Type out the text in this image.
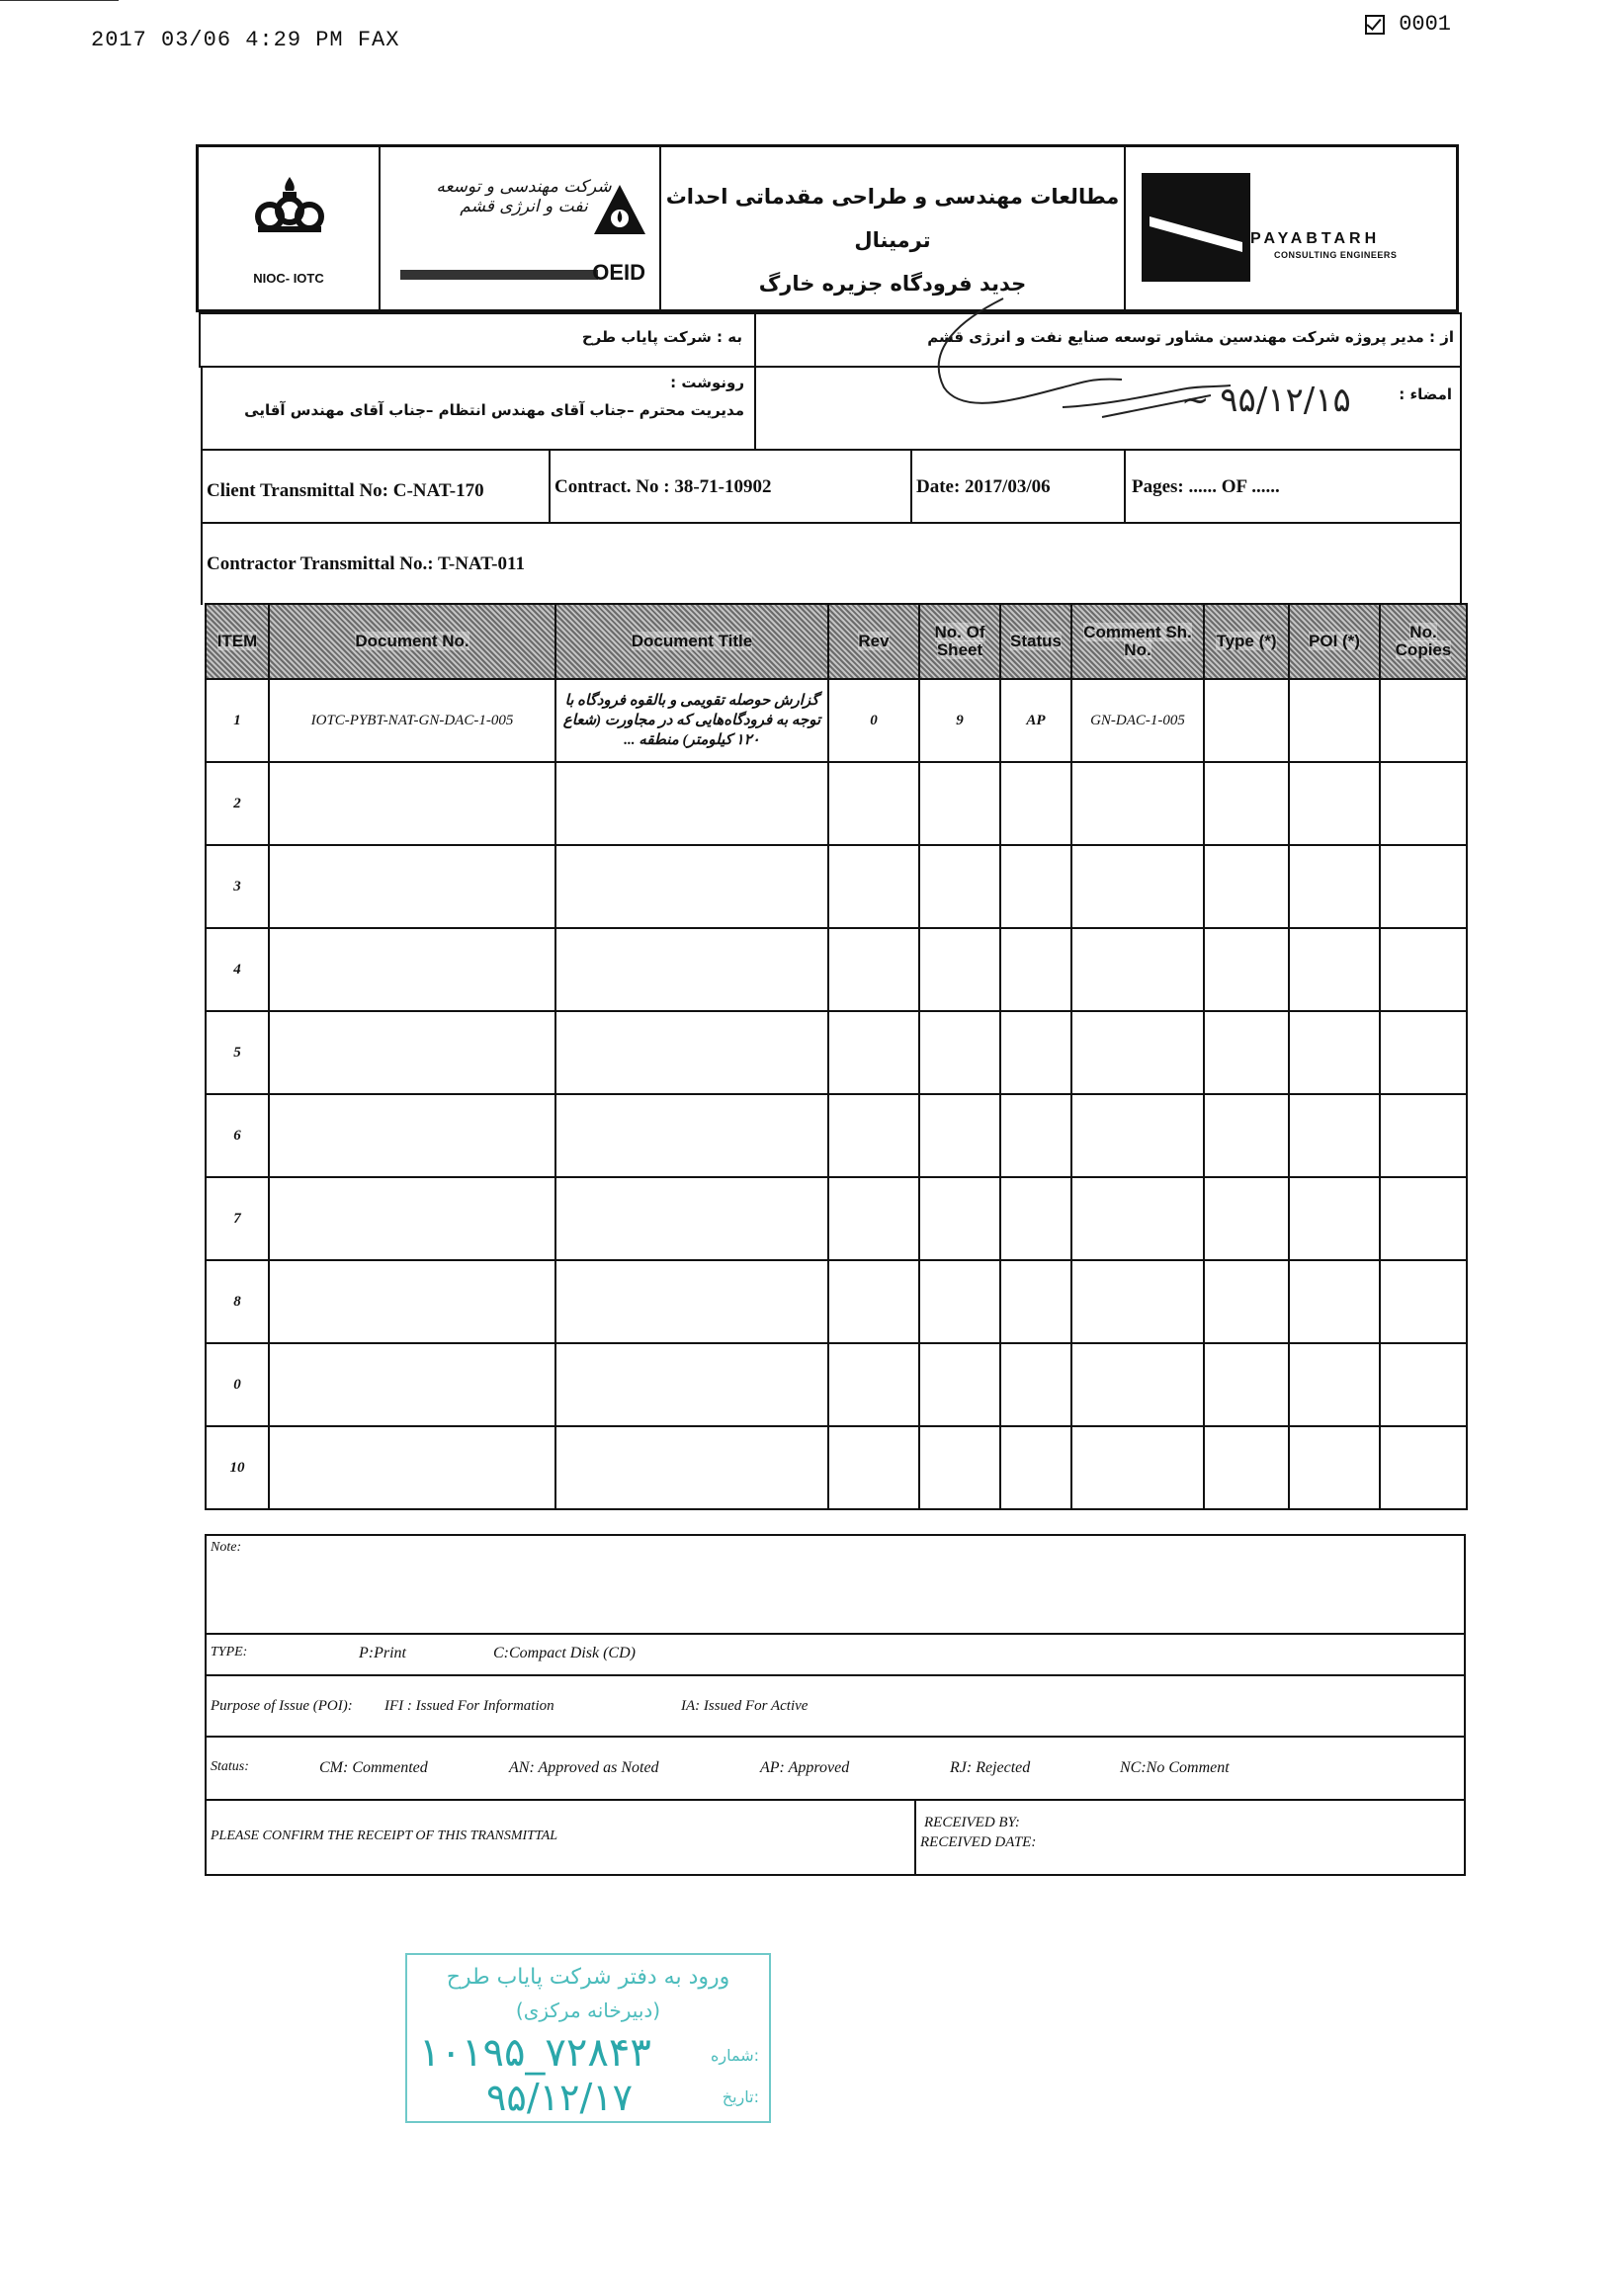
2017 03/06 4:29 PM FAX
0001
NIOC- IOTC
شرکت مهندسی و توسعه نفت و انرژی قشم
OEID
مطالعات مهندسی و طراحی مقدماتی احداث ترمینال
جدید فرودگاه جزیره خارگ
PAYABTARH
CONSULTING ENGINEERS
به : شرکت پایاب طرح	از : مدیر پروژه شرکت مهندسین مشاور توسعه صنایع نفت و انرژی قشم
رونوشت :
مدیریت محترم –جناب آقای مهندس انتظام –جناب آقای مهندس آقایی
امضاء :
~ ۹۵/۱۲/۱۵
Client Transmittal No: C-NAT-170	Contract. No : 38-71-10902	Date: 2017/03/06	Pages: ...... OF ......
Contractor Transmittal No.: T-NAT-011
ITEM	Document No.	Document Title	Rev	No. Of Sheet	Status	Comment Sh. No.	Type (*)	POI (*)	No. Copies
1	IOTC-PYBT-NAT-GN-DAC-1-005	گزارش حوصله تقویمی و بالقوه فرودگاه با توجه به فرودگاه‌هایی که در مجاورت (شعاع ۱۲۰ کیلومتر) منطقه ...	0	9	AP	GN-DAC-1-005			
2									
3									
4									
5									
6									
7									
8									
0									
10									
Note:
TYPE:	P:Print	C:Compact Disk (CD)
Purpose of Issue (POI): IFI : Issued For Information	IA: Issued For Active
Status:	CM: Commented	AN: Approved as Noted	AP: Approved	RJ: Rejected	NC:No Comment
PLEASE CONFIRM THE RECEIPT OF THIS TRANSMITTAL
RECEIVED BY:
RECEIVED DATE:
ورود به دفتر شرکت پایاب طرح
(دبیرخانه مرکزی)
۱۰۱۹۵_۷۲۸۴۳	شماره:
۹۵/۱۲/۱۷	تاریخ:
